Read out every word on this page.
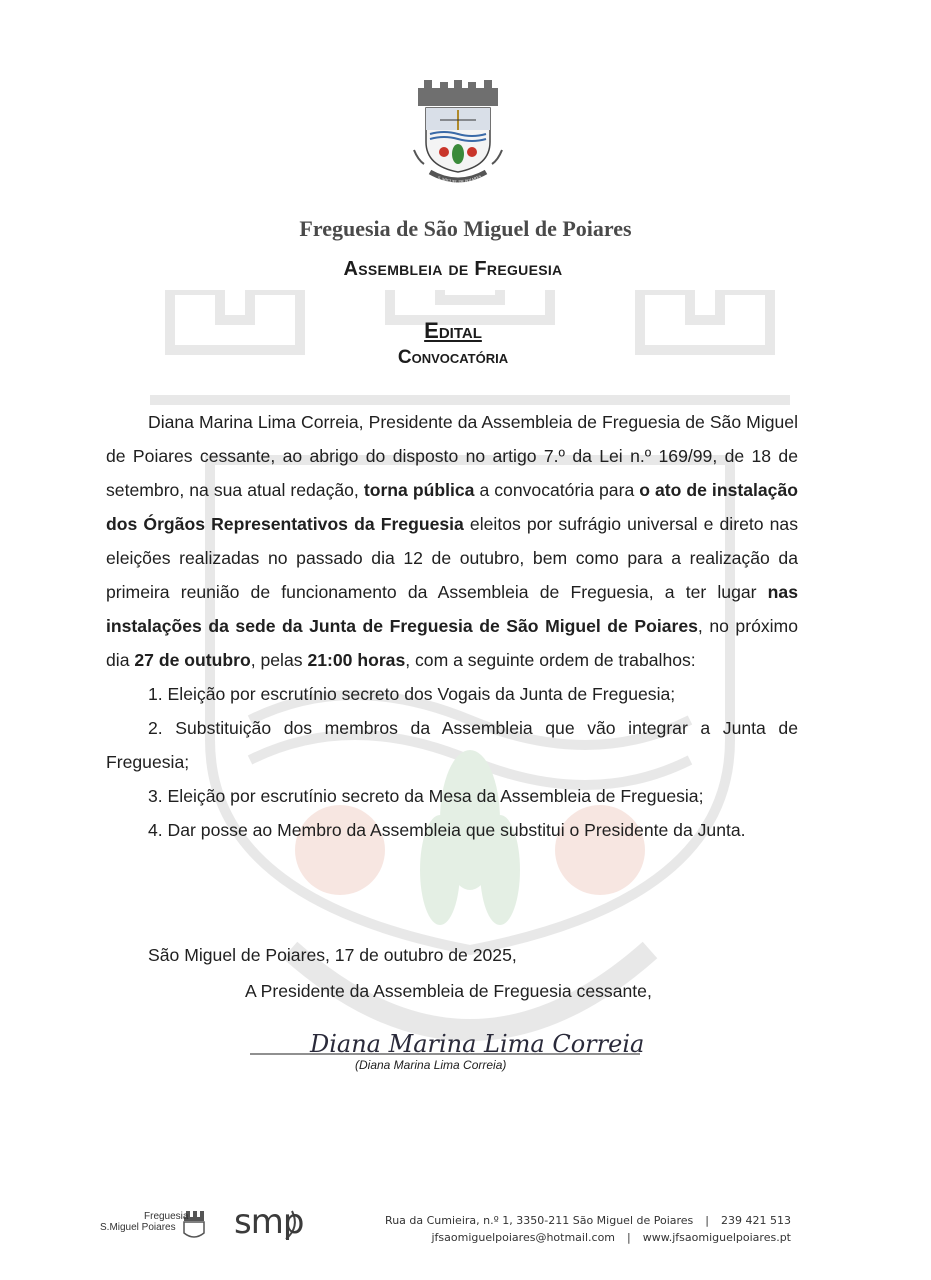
S. MIGUEL DE POIARES
Freguesia de São Miguel de Poiares
Assembleia de Freguesia
Edital
Convocatória

Diana Marina Lima Correia, Presidente da Assembleia de Freguesia de São Miguel de Poiares cessante, ao abrigo do disposto no artigo 7.º da Lei n.º 169/99, de 18 de setembro, na sua atual redação, torna pública a convocatória para o ato de instalação dos Órgãos Representativos da Freguesia eleitos por sufrágio universal e direto nas eleições realizadas no passado dia 12 de outubro, bem como para a realização da primeira reunião de funcionamento da Assembleia de Freguesia, a ter lugar nas instalações da sede da Junta de Freguesia de São Miguel de Poiares, no próximo dia 27 de outubro, pelas 21:00 horas, com a seguinte ordem de trabalhos:

1. Eleição por escrutínio secreto dos Vogais da Junta de Freguesia;

2. Substituição dos membros da Assembleia que vão integrar a Junta de Freguesia;

3. Eleição por escrutínio secreto da Mesa da Assembleia de Freguesia;

4. Dar posse ao Membro da Assembleia que substitui o Presidente da Junta.

São Miguel de Poiares, 17 de outubro de 2025,
A Presidente da Assembleia de Freguesia cessante,
Diana Marina Lima Correia
(Diana Marina Lima Correia)
Freguesia
S.Miguel Poiares smp	Rua da Cumieira, n.º 1, 3350-211 São Miguel de Poiares | 239 421 513
jfsaomiguelpoiares@hotmail.com | www.jfsaomiguelpoiares.pt
